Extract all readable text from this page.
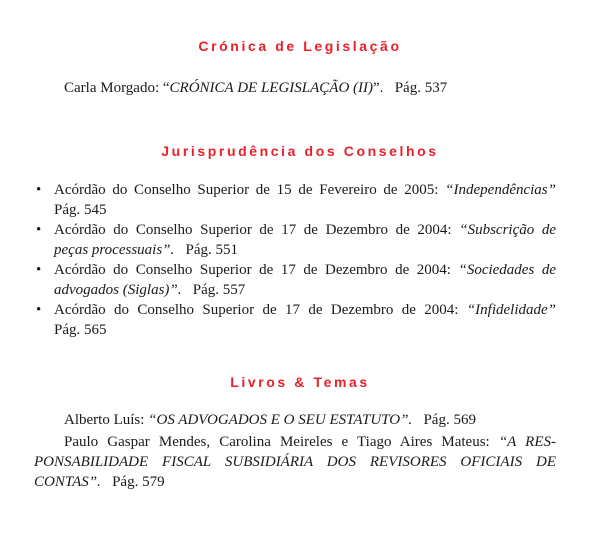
Crónica de Legislação
Carla Morgado: “CRÓNICA DE LEGISLAÇÃO (II)”. Pág. 537
Jurisprudência dos Conselhos
• Acórdão do Conselho Superior de 15 de Fevereiro de 2005: “Independências”
Pág. 545
• Acórdão do Conselho Superior de 17 de Dezembro de 2004: “Subscrição de
peças processuais”. Pág. 551
• Acórdão do Conselho Superior de 17 de Dezembro de 2004: “Sociedades de
advogados (Siglas)”. Pág. 557
• Acórdão do Conselho Superior de 17 de Dezembro de 2004: “Infidelidade”
Pág. 565
Livros & Temas
Alberto Luís: “OS ADVOGADOS E O SEU ESTATUTO”. Pág. 569
Paulo Gaspar Mendes, Carolina Meireles e Tiago Aires Mateus: “A RES-
PONSABILIDADE FISCAL SUBSIDIÁRIA DOS REVISORES OFICIAIS DE
CONTAS”. Pág. 579
